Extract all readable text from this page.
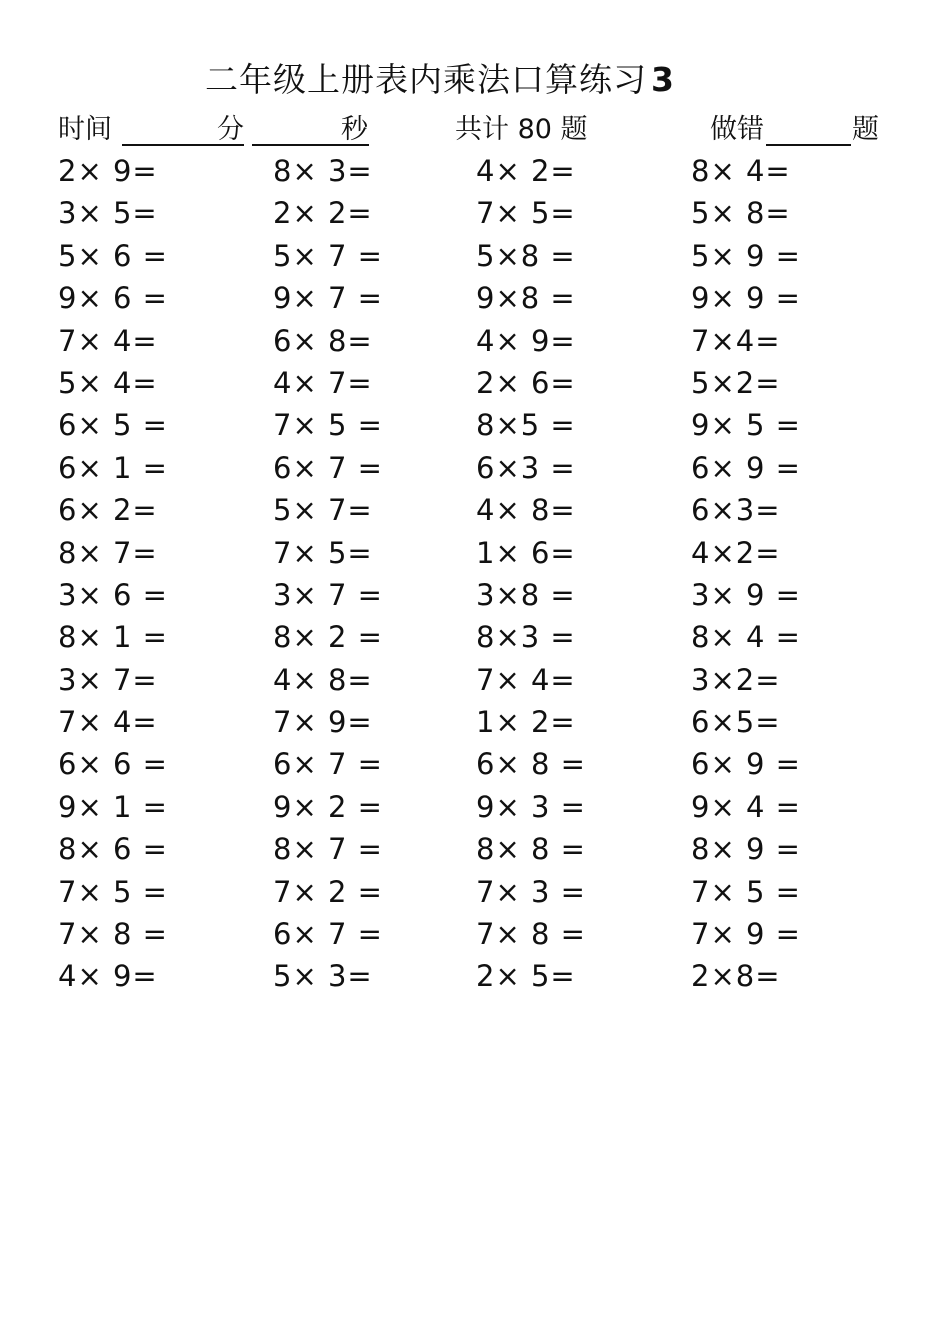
二年级上册表内乘法口算练习 3
时间	分	秒	共计 80 题	做错	题
2× 9=	8× 3=	4× 2=	8× 4=
3× 5=	2× 2=	7× 5=	5× 8=
5× 6 =	5× 7 =	5×8 =	5× 9 =
9× 6 =	9× 7 =	9×8 =	9× 9 =
7× 4=	6× 8=	4× 9=	7×4=
5× 4=	4× 7=	2× 6=	5×2=
6× 5 =	7× 5 =	8×5 =	9× 5 =
6× 1 =	6× 7 =	6×3 =	6× 9 =
6× 2=	5× 7=	4× 8=	6×3=
8× 7=	7× 5=	1× 6=	4×2=
3× 6 =	3× 7 =	3×8 =	3× 9 =
8× 1 =	8× 2 =	8×3 =	8× 4 =
3× 7=	4× 8=	7× 4=	3×2=
7× 4=	7× 9=	1× 2=	6×5=
6× 6 =	6× 7 =	6× 8 =	6× 9 =
9× 1 =	9× 2 =	9× 3 =	9× 4 =
8× 6 =	8× 7 =	8× 8 =	8× 9 =
7× 5 =	7× 2 =	7× 3 =	7× 5 =
7× 8 =	6× 7 =	7× 8 =	7× 9 =
4× 9=	5× 3=	2× 5=	2×8=
